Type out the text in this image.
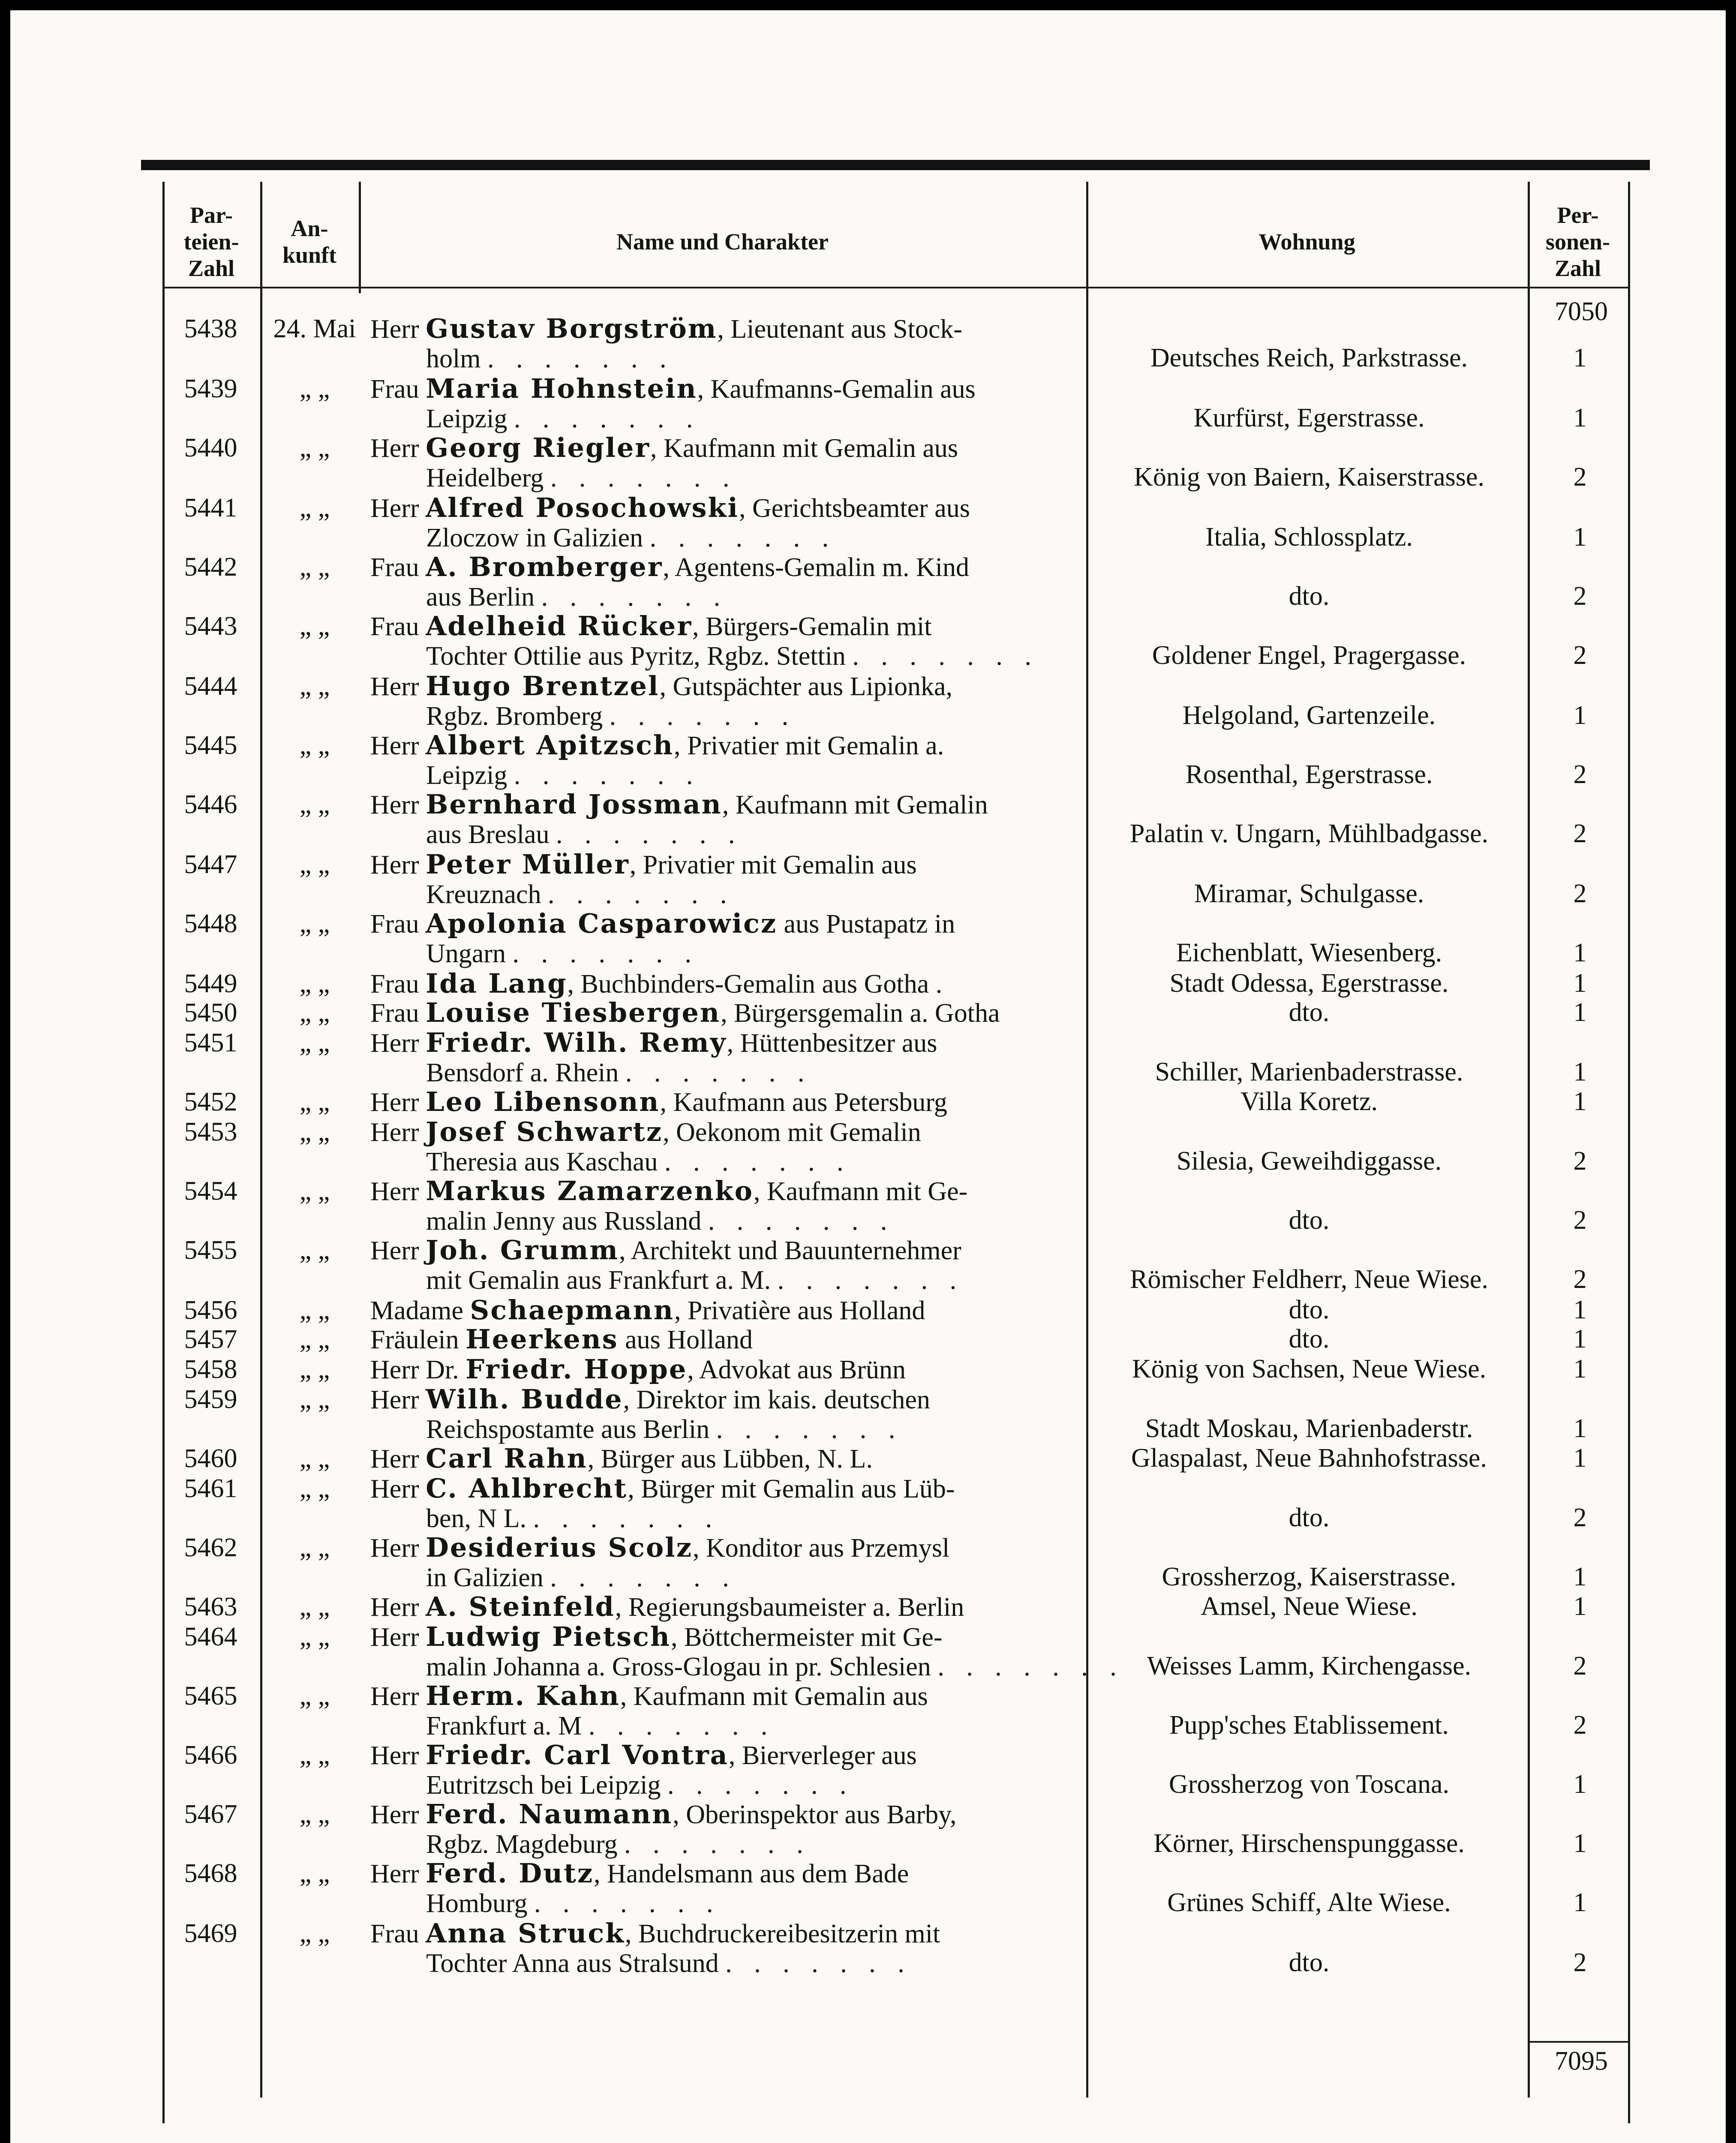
Par-
teien-
Zahl
An-
kunft
Name und Charakter	Wohnung
Per-
sonen-
Zahl
7050
5438	24. Mai Herr Gustav Borgström, Lieutenant aus Stock-
holm . . . . . . .	Deutsches Reich, Parkstrasse.	1
5439	„ „	Frau Maria Hohnstein, Kaufmanns-Gemalin aus
Leipzig . . . . . . .	Kurfürst, Egerstrasse.	1
5440	„ „	Herr Georg Riegler, Kaufmann mit Gemalin aus
Heidelberg . . . . . . .	König von Baiern, Kaiserstrasse.	2
5441	„ „	Herr Alfred Posochowski, Gerichtsbeamter aus
Zloczow in Galizien . . . . . . .	Italia, Schlossplatz.	1
5442	„ „	Frau A. Bromberger, Agentens-Gemalin m. Kind
aus Berlin . . . . . . .	dto.	2
5443	„ „	Frau Adelheid Rücker, Bürgers-Gemalin mit
Tochter Ottilie aus Pyritz, Rgbz. Stettin . . . . . . .	Goldener Engel, Pragergasse.	2
5444	„ „	Herr Hugo Brentzel, Gutspächter aus Lipionka,
Rgbz. Bromberg . . . . . . .	Helgoland, Gartenzeile.	1
5445	„ „	Herr Albert Apitzsch, Privatier mit Gemalin a.
Leipzig . . . . . . .	Rosenthal, Egerstrasse.	2
5446	„ „	Herr Bernhard Jossman, Kaufmann mit Gemalin
aus Breslau . . . . . . .	Palatin v. Ungarn, Mühlbadgasse.	2
5447	„ „	Herr Peter Müller, Privatier mit Gemalin aus
Kreuznach . . . . . . .	Miramar, Schulgasse.	2
5448	„ „	Frau Apolonia Casparowicz aus Pustapatz in
Ungarn . . . . . . .	Eichenblatt, Wiesenberg.	1
5449	„ „	Frau Ida Lang, Buchbinders-Gemalin aus Gotha .	Stadt Odessa, Egerstrasse.	1
5450	„ „	Frau Louise Tiesbergen, Bürgersgemalin a. Gotha	dto.	1
5451	„ „	Herr Friedr. Wilh. Remy, Hüttenbesitzer aus
Bensdorf a. Rhein . . . . . . .	Schiller, Marienbaderstrasse.	1
5452	„ „	Herr Leo Libensonn, Kaufmann aus Petersburg	Villa Koretz.	1
5453	„ „	Herr Josef Schwartz, Oekonom mit Gemalin
Theresia aus Kaschau . . . . . . .	Silesia, Geweihdiggasse.	2
5454	„ „	Herr Markus Zamarzenko, Kaufmann mit Ge-
malin Jenny aus Russland . . . . . . .	dto.	2
5455	„ „	Herr Joh. Grumm, Architekt und Bauunternehmer
mit Gemalin aus Frankfurt a. M. . . . . . . .	Römischer Feldherr, Neue Wiese.	2
5456	„ „	Madame Schaepmann, Privatière aus Holland	dto.	1
5457	„ „	Fräulein Heerkens aus Holland	dto.	1
5458	„ „	Herr Dr. Friedr. Hoppe, Advokat aus Brünn	König von Sachsen, Neue Wiese.	1
5459	„ „	Herr Wilh. Budde, Direktor im kais. deutschen
Reichspostamte aus Berlin . . . . . . .	Stadt Moskau, Marienbaderstr.	1
5460	„ „	Herr Carl Rahn, Bürger aus Lübben, N. L.	Glaspalast, Neue Bahnhofstrasse.	1
5461	„ „	Herr C. Ahlbrecht, Bürger mit Gemalin aus Lüb-
ben, N L. . . . . . . .	dto.	2
5462	„ „	Herr Desiderius Scolz, Konditor aus Przemysl
in Galizien . . . . . . .	Grossherzog, Kaiserstrasse.	1
5463	„ „	Herr A. Steinfeld, Regierungsbaumeister a. Berlin	Amsel, Neue Wiese.	1
5464	„ „	Herr Ludwig Pietsch, Böttchermeister mit Ge-
malin Johanna a. Gross-Glogau in pr. Schlesien . . . . . . . Weisses Lamm, Kirchengasse.	2
5465	„ „	Herr Herm. Kahn, Kaufmann mit Gemalin aus
Frankfurt a. M . . . . . . .	Pupp'sches Etablissement.	2
5466	„ „	Herr Friedr. Carl Vontra, Bierverleger aus
Eutritzsch bei Leipzig . . . . . . .	Grossherzog von Toscana.	1
5467	„ „	Herr Ferd. Naumann, Oberinspektor aus Barby,
Rgbz. Magdeburg . . . . . . .	Körner, Hirschenspunggasse.	1
5468	„ „	Herr Ferd. Dutz, Handelsmann aus dem Bade
Homburg . . . . . . .	Grünes Schiff, Alte Wiese.	1
5469	„ „	Frau Anna Struck, Buchdruckereibesitzerin mit
Tochter Anna aus Stralsund . . . . . . .	dto.	2
7095
